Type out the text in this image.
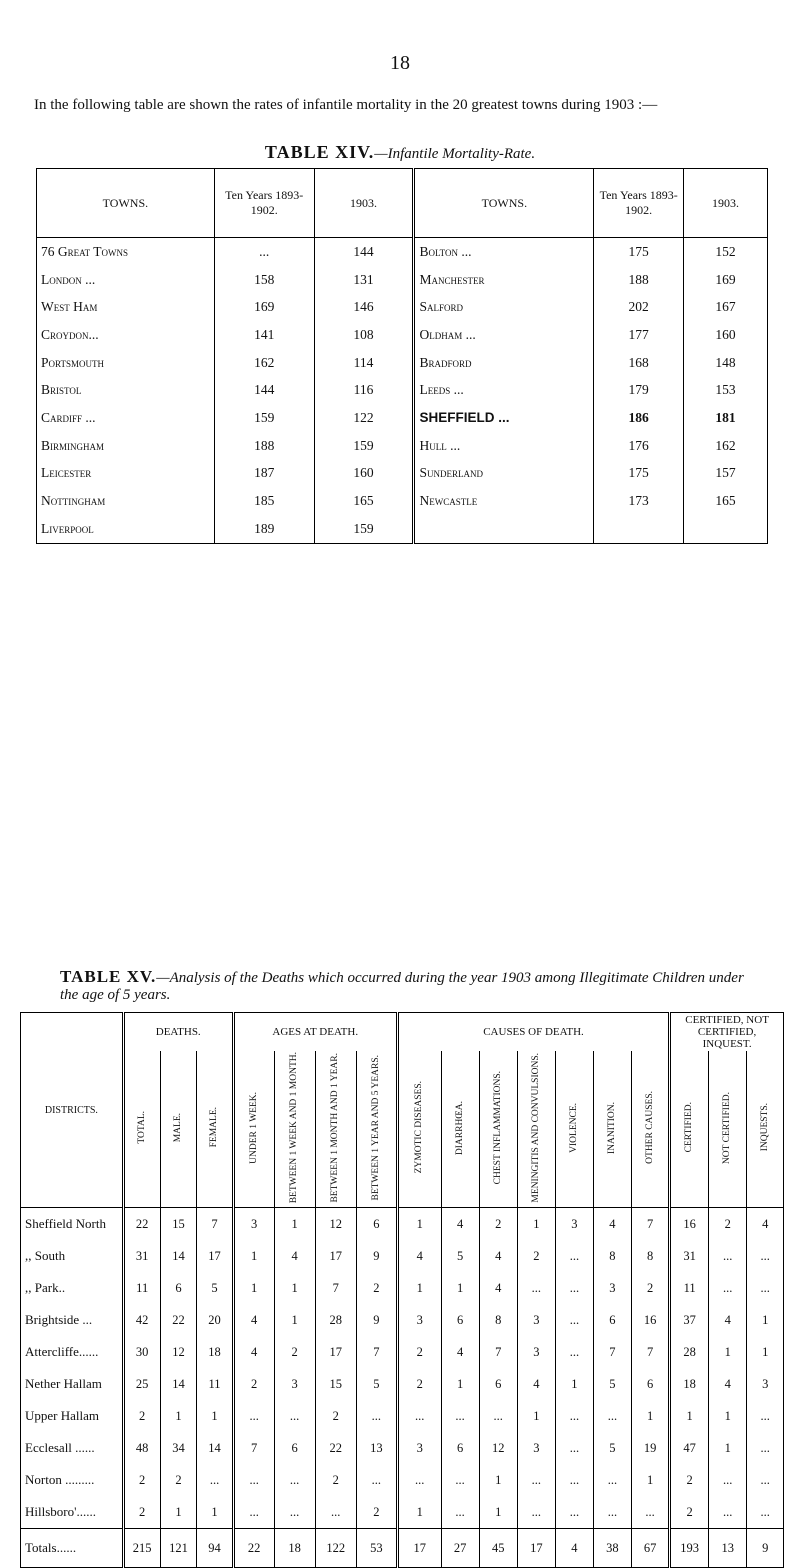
18
In the following table are shown the rates of infantile mortality in the 20 greatest towns during 1903 :—
TABLE XIV.—Infantile Mortality-Rate.
TOWNS.	Ten Years 1893-1902.	1903.	TOWNS.	Ten Years 1893-1902.	1903.
76 Great Towns	...	144	Bolton ...	175	152
London ...	158	131	Manchester	188	169
West Ham	169	146	Salford	202	167
Croydon...	141	108	Oldham ...	177	160
Portsmouth	162	114	Bradford	168	148
Bristol	144	116	Leeds ...	179	153
Cardiff ...	159	122	SHEFFIELD ...	186	181
Birmingham	188	159	Hull ...	176	162
Leicester	187	160	Sunderland	175	157
Nottingham	185	165	Newcastle	173	165
Liverpool	189	159			
TABLE XV.—Analysis of the Deaths which occurred during the year 1903 among Illegitimate Children under the age of 5 years.
DISTRICTS.	DEATHS.			AGES AT DEATH.				CAUSES OF DEATH.							CERTIFIED, NOT CERTIFIED, INQUEST.		
	TOTAL.	MALE.	FEMALE.	UNDER 1 WEEK.	BETWEEN 1 WEEK AND 1 MONTH.	BETWEEN 1 MONTH AND 1 YEAR.	BETWEEN 1 YEAR AND 5 YEARS.	ZYMOTIC DISEASES.	DIARRHŒA.	CHEST INFLAMMATIONS.	MENINGITIS AND CONVULSIONS.	VIOLENCE.	INANITION.	OTHER CAUSES.	CERTIFIED.	NOT CERTIFIED.	INQUESTS.
Sheffield North	22	15	7	3	1	12	6	1	4	2	1	3	4	7	16	2	4
,, South	31	14	17	1	4	17	9	4	5	4	2	...	8	8	31	...	...
,, Park..	11	6	5	1	1	7	2	1	1	4	...	...	3	2	11	...	...
Brightside ...	42	22	20	4	1	28	9	3	6	8	3	...	6	16	37	4	1
Attercliffe......	30	12	18	4	2	17	7	2	4	7	3	...	7	7	28	1	1
Nether Hallam	25	14	11	2	3	15	5	2	1	6	4	1	5	6	18	4	3
Upper Hallam	2	1	1	...	...	2	...	...	...	...	1	...	...	1	1	1	...
Ecclesall ......	48	34	14	7	6	22	13	3	6	12	3	...	5	19	47	1	...
Norton .........	2	2	...	...	...	2	...	...	...	1	...	...	...	1	2	...	...
Hillsboro'......	2	1	1	...	...	...	2	1	...	1	...	...	...	...	2	...	...
Totals......	215	121	94	22	18	122	53	17	27	45	17	4	38	67	193	13	9
